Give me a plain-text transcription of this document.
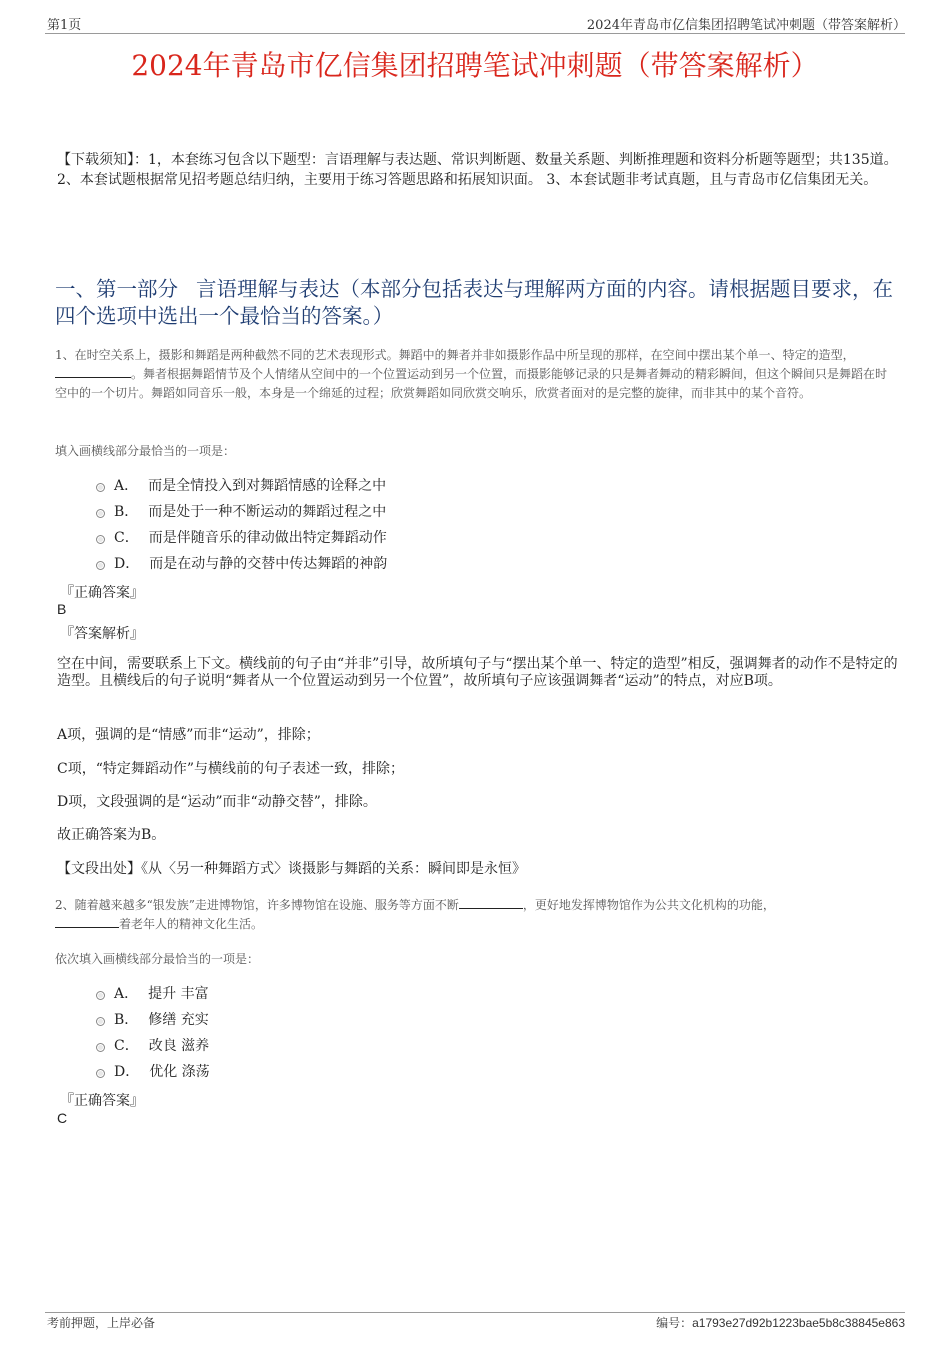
第1页	2024年青岛市亿信集团招聘笔试冲刺题（带答案解析）
2024年青岛市亿信集团招聘笔试冲刺题（带答案解析）
【下载须知】：1，本套练习包含以下题型：言语理解与表达题、常识判断题、数量关系题、判断推理题和资料分析题等题型；共135道。 2、本套试题根据常见招考题总结归纳，主要用于练习答题思路和拓展知识面。 3、本套试题非考试真题，且与青岛市亿信集团无关。
一、第一部分 言语理解与表达（本部分包括表达与理解两方面的内容。请根据题目要求，在四个选项中选出一个最恰当的答案。）
1、在时空关系上，摄影和舞蹈是两种截然不同的艺术表现形式。舞蹈中的舞者并非如摄影作品中所呈现的那样，在空间中摆出某个单一、特定的造型，。舞者根据舞蹈情节及个人情绪从空间中的一个位置运动到另一个位置，而摄影能够记录的只是舞者舞动的精彩瞬间，但这个瞬间只是舞蹈在时空中的一个切片。舞蹈如同音乐一般，本身是一个绵延的过程；欣赏舞蹈如同欣赏交响乐，欣赏者面对的是完整的旋律，而非其中的某个音符。
填入画横线部分最恰当的一项是：
A． 而是全情投入到对舞蹈情感的诠释之中
B． 而是处于一种不断运动的舞蹈过程之中
C． 而是伴随音乐的律动做出特定舞蹈动作
D． 而是在动与静的交替中传达舞蹈的神韵
『正确答案』
B
『答案解析』
空在中间，需要联系上下文。横线前的句子由“并非”引导，故所填句子与“摆出某个单一、特定的造型”相反，强调舞者的动作不是特定的造型。且横线后的句子说明“舞者从一个位置运动到另一个位置”，故所填句子应该强调舞者“运动”的特点，对应B项。
A项，强调的是“情感”而非“运动”，排除；
C项，“特定舞蹈动作”与横线前的句子表述一致，排除；
D项，文段强调的是“运动”而非“动静交替”，排除。
故正确答案为B。
【文段出处】《从〈另一种舞蹈方式〉谈摄影与舞蹈的关系：瞬间即是永恒》
2、随着越来越多“银发族”走进博物馆，许多博物馆在设施、服务等方面不断	，更好地发挥博物馆作为公共文化机构的功能，
着老年人的精神文化生活。
依次填入画横线部分最恰当的一项是：
A． 提升 丰富
B． 修缮 充实
C． 改良 滋养
D． 优化 涤荡
『正确答案』
C
考前押题，上岸必备	编号：a1793e27d92b1223bae5b8c38845e863
